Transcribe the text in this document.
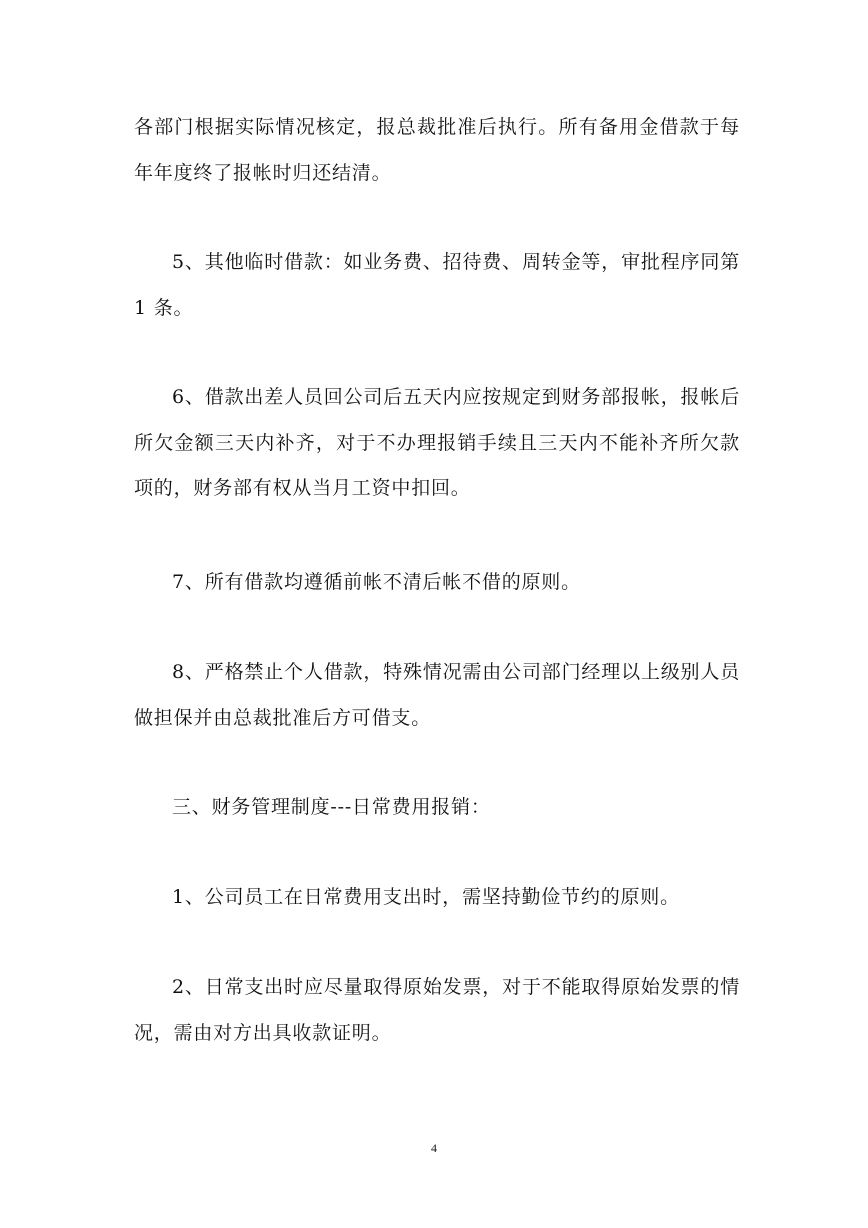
各部门根据实际情况核定，报总裁批准后执行。所有备用金借款于每年年度终了报帐时归还结清。

5、其他临时借款：如业务费、招待费、周转金等，审批程序同第 1 条。

6、借款出差人员回公司后五天内应按规定到财务部报帐，报帐后所欠金额三天内补齐，对于不办理报销手续且三天内不能补齐所欠款项的，财务部有权从当月工资中扣回。

7、所有借款均遵循前帐不清后帐不借的原则。

8、严格禁止个人借款，特殊情况需由公司部门经理以上级别人员做担保并由总裁批准后方可借支。

三、财务管理制度---日常费用报销：

1、公司员工在日常费用支出时，需坚持勤俭节约的原则。

2、日常支出时应尽量取得原始发票，对于不能取得原始发票的情况，需由对方出具收款证明。

4
